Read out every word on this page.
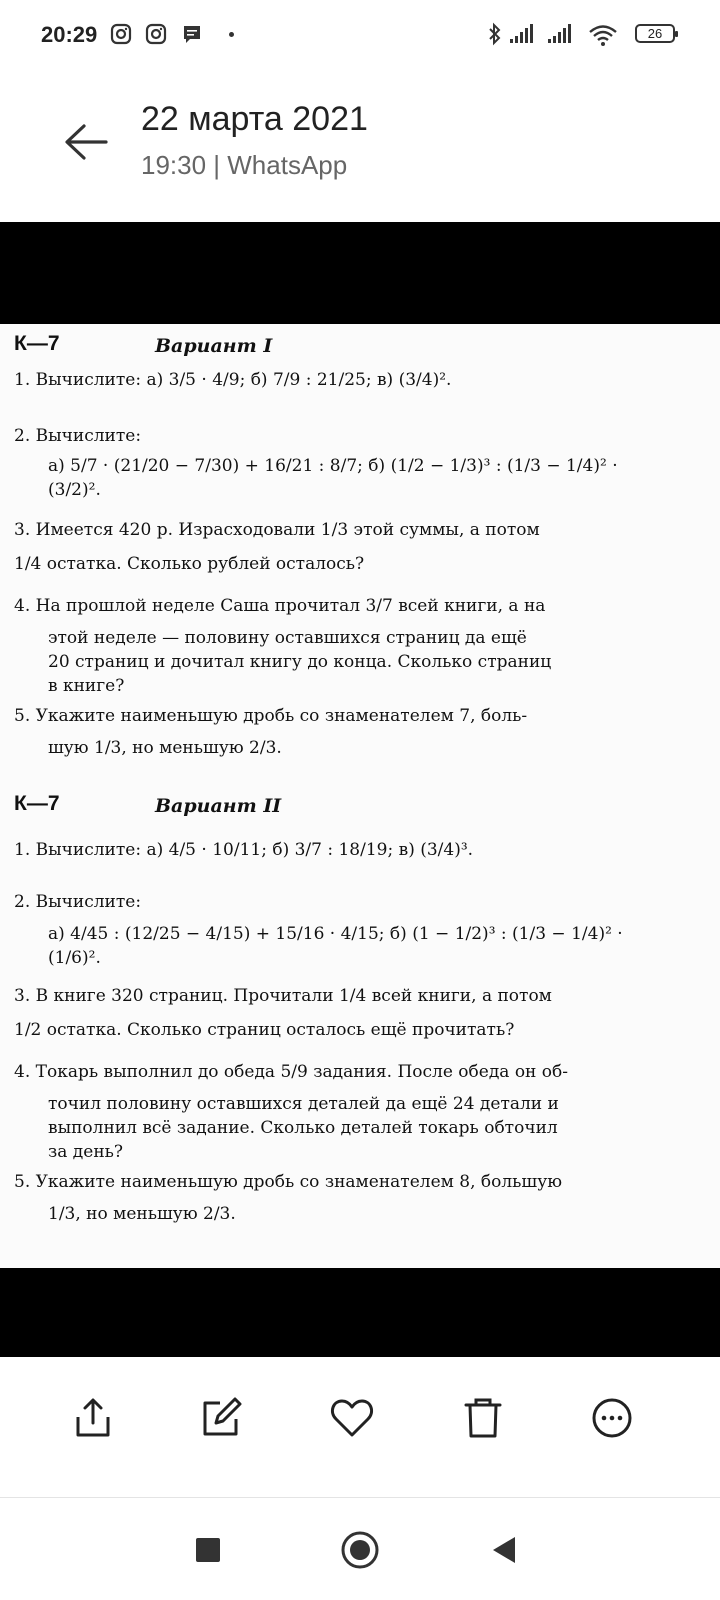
20:29	26
22 марта 2021
19:30 | WhatsApp
К—7	Вариант I
1. Вычислите: а) 3/5 · 4/9; б) 7/9 : 21/25; в) (3/4)².
2. Вычислите:
а) 5/7 · (21/20 − 7/30) + 16/21 : 8/7; б) (1/2 − 1/3)³ : (1/3 − 1/4)² · (3/2)².
3. Имеется 420 р. Израсходовали 1/3 этой суммы, а потом
1/4 остатка. Сколько рублей осталось?
4. На прошлой неделе Саша прочитал 3/7 всей книги, а на
этой неделе — половину оставшихся страниц да ещё
20 страниц и дочитал книгу до конца. Сколько страниц
в книге?
5. Укажите наименьшую дробь со знаменателем 7, боль-
шую 1/3, но меньшую 2/3.
К—7	Вариант II
1. Вычислите: а) 4/5 · 10/11; б) 3/7 : 18/19; в) (3/4)³.
2. Вычислите:
а) 4/45 : (12/25 − 4/15) + 15/16 · 4/15; б) (1 − 1/2)³ : (1/3 − 1/4)² · (1/6)².
3. В книге 320 страниц. Прочитали 1/4 всей книги, а потом
1/2 остатка. Сколько страниц осталось ещё прочитать?
4. Токарь выполнил до обеда 5/9 задания. После обеда он об-
точил половину оставшихся деталей да ещё 24 детали и
выполнил всё задание. Сколько деталей токарь обточил
за день?
5. Укажите наименьшую дробь со знаменателем 8, большую
1/3, но меньшую 2/3.
